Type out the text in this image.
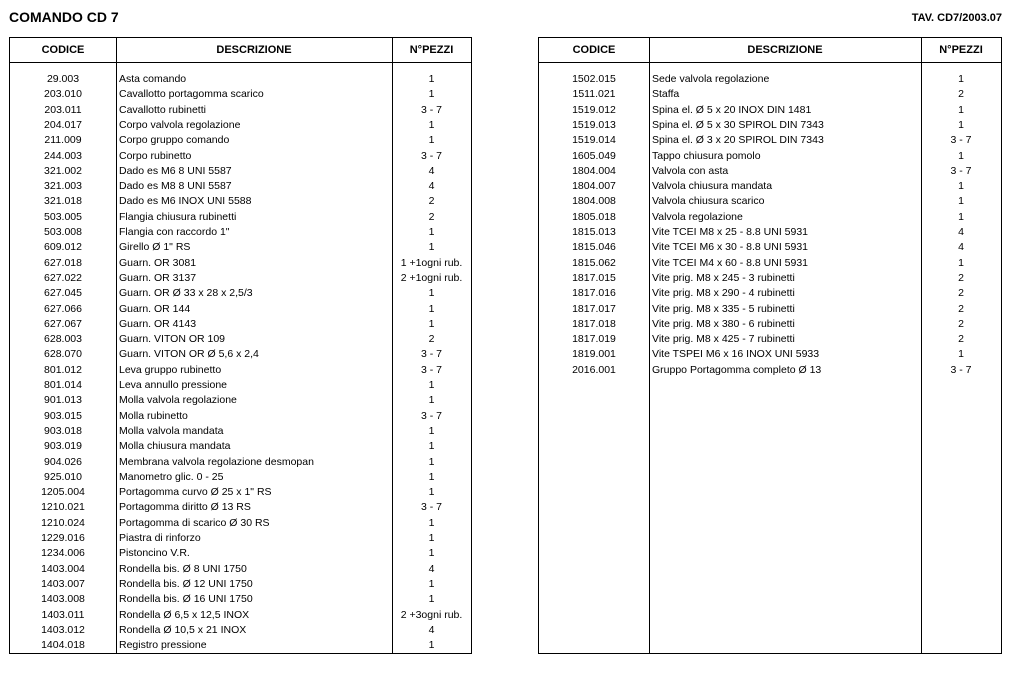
COMANDO CD 7	TAV. CD7/2003.07
CODICE	DESCRIZIONE	N°PEZZI
29.003	Asta comando	1
203.010	Cavallotto portagomma scarico	1
203.011	Cavallotto rubinetti	3 - 7
204.017	Corpo valvola regolazione	1
211.009	Corpo gruppo comando	1
244.003	Corpo rubinetto	3 - 7
321.002	Dado es M6 8 UNI 5587	4
321.003	Dado es M8 8 UNI 5587	4
321.018	Dado es M6 INOX UNI 5588	2
503.005	Flangia chiusura rubinetti	2
503.008	Flangia con raccordo 1"	1
609.012	Girello Ø 1" RS	1
627.018	Guarn. OR 3081	1 +1ogni rub.
627.022	Guarn. OR 3137	2 +1ogni rub.
627.045	Guarn. OR Ø 33 x 28 x 2,5/3	1
627.066	Guarn. OR 144	1
627.067	Guarn. OR 4143	1
628.003	Guarn. VITON OR 109	2
628.070	Guarn. VITON OR Ø 5,6 x 2,4	3 - 7
801.012	Leva gruppo rubinetto	3 - 7
801.014	Leva annullo pressione	1
901.013	Molla valvola regolazione	1
903.015	Molla rubinetto	3 - 7
903.018	Molla valvola mandata	1
903.019	Molla chiusura mandata	1
904.026	Membrana valvola regolazione desmopan	1
925.010	Manometro glic. 0 - 25	1
1205.004	Portagomma curvo Ø 25 x 1" RS	1
1210.021	Portagomma diritto Ø 13 RS	3 - 7
1210.024	Portagomma di scarico Ø 30 RS	1
1229.016	Piastra di rinforzo	1
1234.006	Pistoncino V.R.	1
1403.004	Rondella bis. Ø 8 UNI 1750	4
1403.007	Rondella bis. Ø 12 UNI 1750	1
1403.008	Rondella bis. Ø 16 UNI 1750	1
1403.011	Rondella Ø 6,5 x 12,5 INOX	2 +3ogni rub.
1403.012	Rondella Ø 10,5 x 21 INOX	4
1404.018	Registro pressione	1
CODICE	DESCRIZIONE	N°PEZZI
1502.015	Sede valvola regolazione	1
1511.021	Staffa	2
1519.012	Spina el. Ø 5 x 20 INOX DIN 1481	1
1519.013	Spina el. Ø 5 x 30 SPIROL DIN 7343	1
1519.014	Spina el. Ø 3 x 20 SPIROL DIN 7343	3 - 7
1605.049	Tappo chiusura pomolo	1
1804.004	Valvola con asta	3 - 7
1804.007	Valvola chiusura mandata	1
1804.008	Valvola chiusura scarico	1
1805.018	Valvola regolazione	1
1815.013	Vite TCEI M8 x 25 - 8.8 UNI 5931	4
1815.046	Vite TCEI M6 x 30 - 8.8 UNI 5931	4
1815.062	Vite TCEI M4 x 60 - 8.8 UNI 5931	1
1817.015	Vite prig. M8 x 245 - 3 rubinetti	2
1817.016	Vite prig. M8 x 290 - 4 rubinetti	2
1817.017	Vite prig. M8 x 335 - 5 rubinetti	2
1817.018	Vite prig. M8 x 380 - 6 rubinetti	2
1817.019	Vite prig. M8 x 425 - 7 rubinetti	2
1819.001	Vite TSPEI M6 x 16 INOX UNI 5933	1
2016.001	Gruppo Portagomma completo Ø 13	3 - 7
